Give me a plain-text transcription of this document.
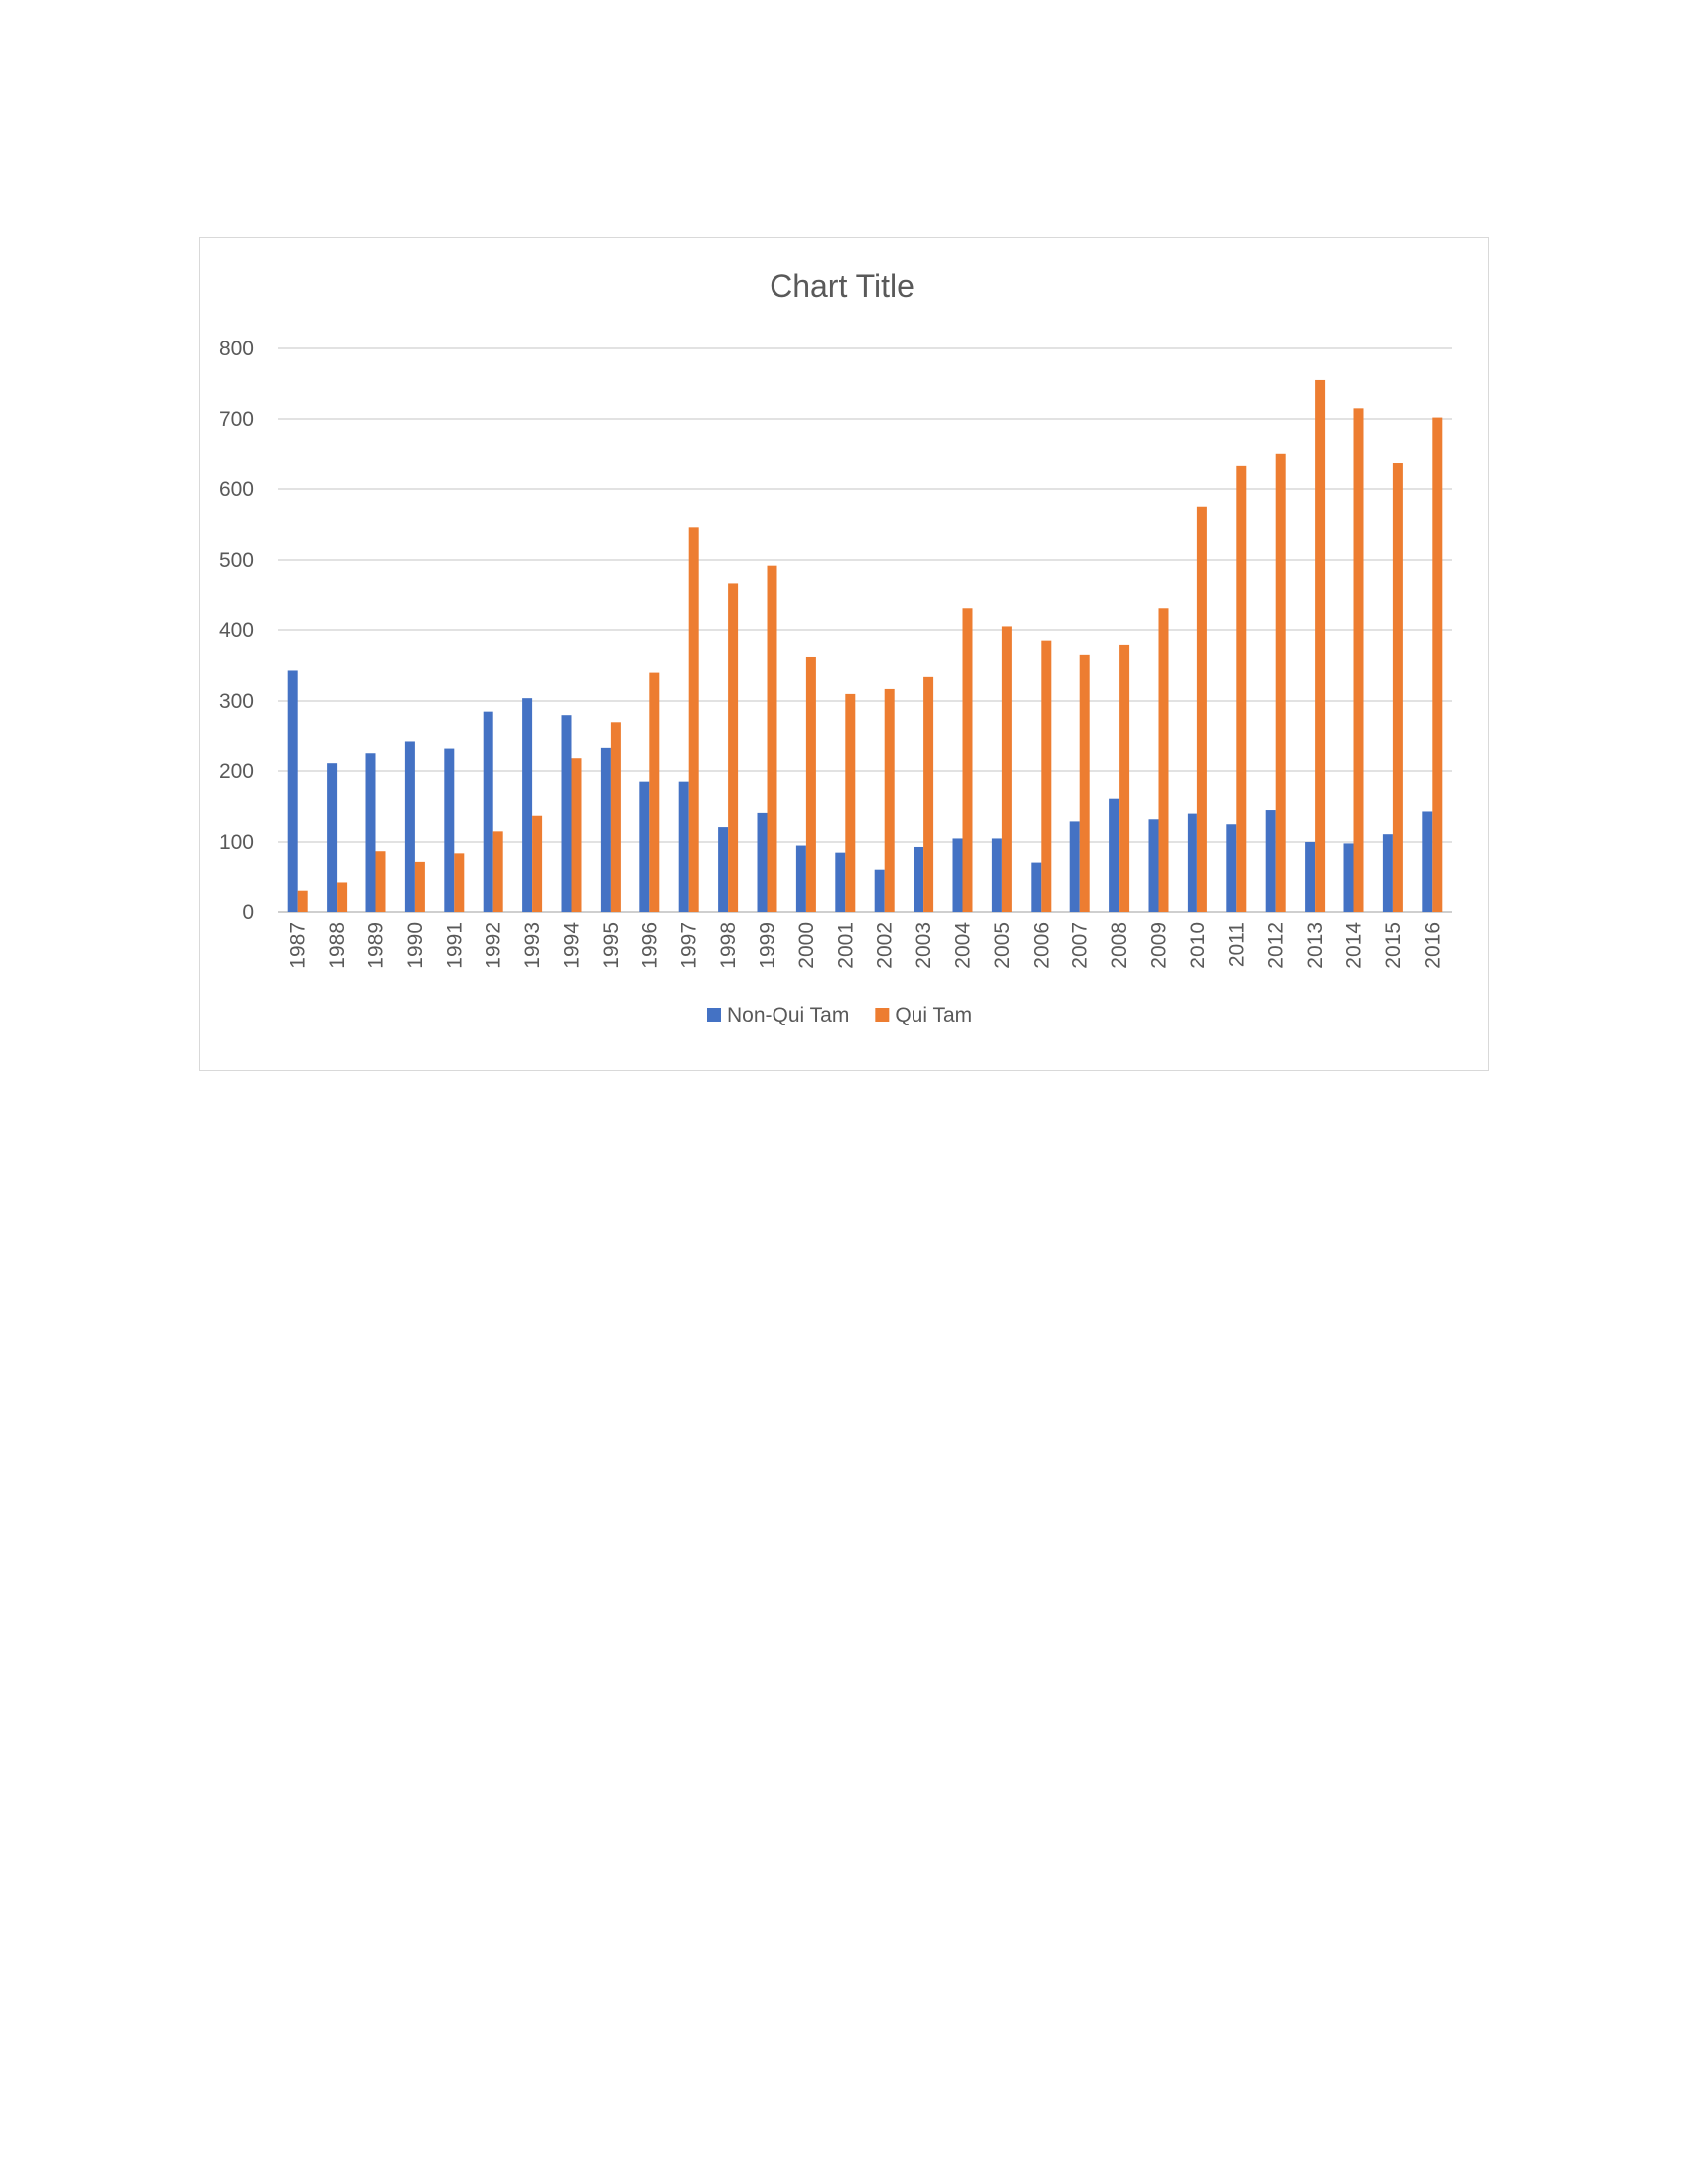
Chart Title
0
100
200
300
400
500
600
700
800
1987 1988 1989 1990 1991 1992 1993 1994 1995 1996 1997 1998 1999 2000 2001 2002 2003 2004 2005 2006 2007 2008 2009 2010 2011 2012 2013 2014 2015 2016
Non-Qui Tam Qui Tam
